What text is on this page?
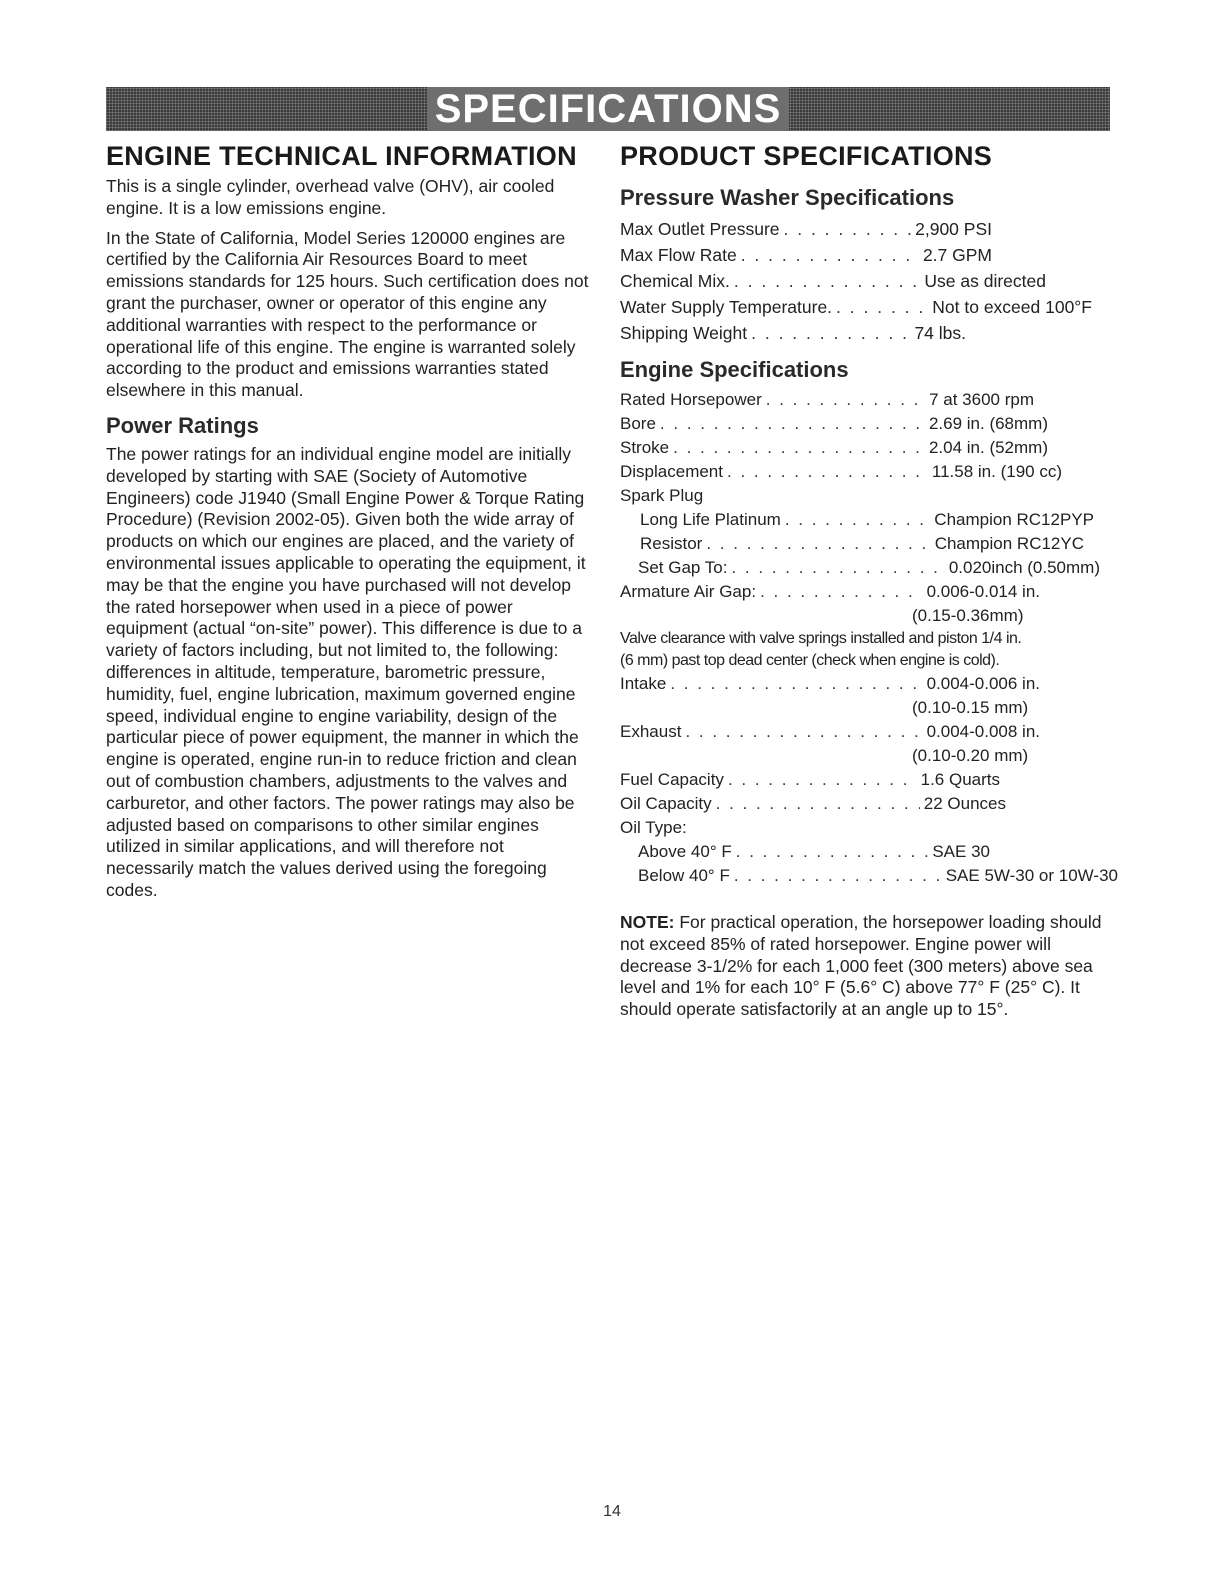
SPECIFICATIONS
ENGINE TECHNICAL INFORMATION

This is a single cylinder, overhead valve (OHV), air cooled engine. It is a low emissions engine.

In the State of California, Model Series 120000 engines are certified by the California Air Resources Board to meet emissions standards for 125 hours. Such certification does not grant the purchaser, owner or operator of this engine any additional warranties with respect to the performance or operational life of this engine. The engine is warranted solely according to the product and emissions warranties stated elsewhere in this manual.

Power Ratings

The power ratings for an individual engine model are initially developed by starting with SAE (Society of Automotive Engineers) code J1940 (Small Engine Power & Torque Rating Procedure) (Revision 2002-05). Given both the wide array of products on which our engines are placed, and the variety of environmental issues applicable to operating the equipment, it may be that the engine you have purchased will not develop the rated horsepower when used in a piece of power equipment (actual “on-site” power). This difference is due to a variety of factors including, but not limited to, the following: differences in altitude, temperature, barometric pressure, humidity, fuel, engine lubrication, maximum governed engine speed, individual engine to engine variability, design of the particular piece of power equipment, the manner in which the engine is operated, engine run-in to reduce friction and clean out of combustion chambers, adjustments to the valves and carburetor, and other factors. The power ratings may also be adjusted based on comparisons to other similar engines utilized in similar applications, and will therefore not necessarily match the values derived using the foregoing codes.

PRODUCT SPECIFICATIONS
Pressure Washer Specifications
Max Outlet Pressure . . .	2,900 PSI
Max Flow Rate . . .	2.7 GPM
Chemical Mix. . . .	Use as directed
Water Supply Temperature. . . .	Not to exceed 100°F
Shipping Weight . . .	74 lbs.
Engine Specifications
Rated Horsepower . . .	7 at 3600 rpm
Bore . . .	2.69 in. (68mm)
Stroke . . .	2.04 in. (52mm)
Displacement . . .	11.58 in. (190 cc)
Spark Plug
Long Life Platinum . . .	Champion RC12PYP
Resistor . . .	Champion RC12YC
Set Gap To: . . .	0.020inch (0.50mm)
Armature Air Gap: . . .	0.006-0.014 in.
(0.15-0.36mm)
Valve clearance with valve springs installed and piston 1/4 in.
(6 mm) past top dead center (check when engine is cold).
Intake . . .	0.004-0.006 in.
(0.10-0.15 mm)
Exhaust . . .	0.004-0.008 in.
(0.10-0.20 mm)
Fuel Capacity . . .	1.6 Quarts
Oil Capacity . . .	22 Ounces
Oil Type:
Above 40° F . . .	SAE 30
Below 40° F . . .	SAE 5W-30 or 10W-30
NOTE: For practical operation, the horsepower loading should not exceed 85% of rated horsepower. Engine power will decrease 3-1/2% for each 1,000 feet (300 meters) above sea level and 1% for each 10° F (5.6° C) above 77° F (25° C). It should operate satisfactorily at an angle up to 15°.
14
